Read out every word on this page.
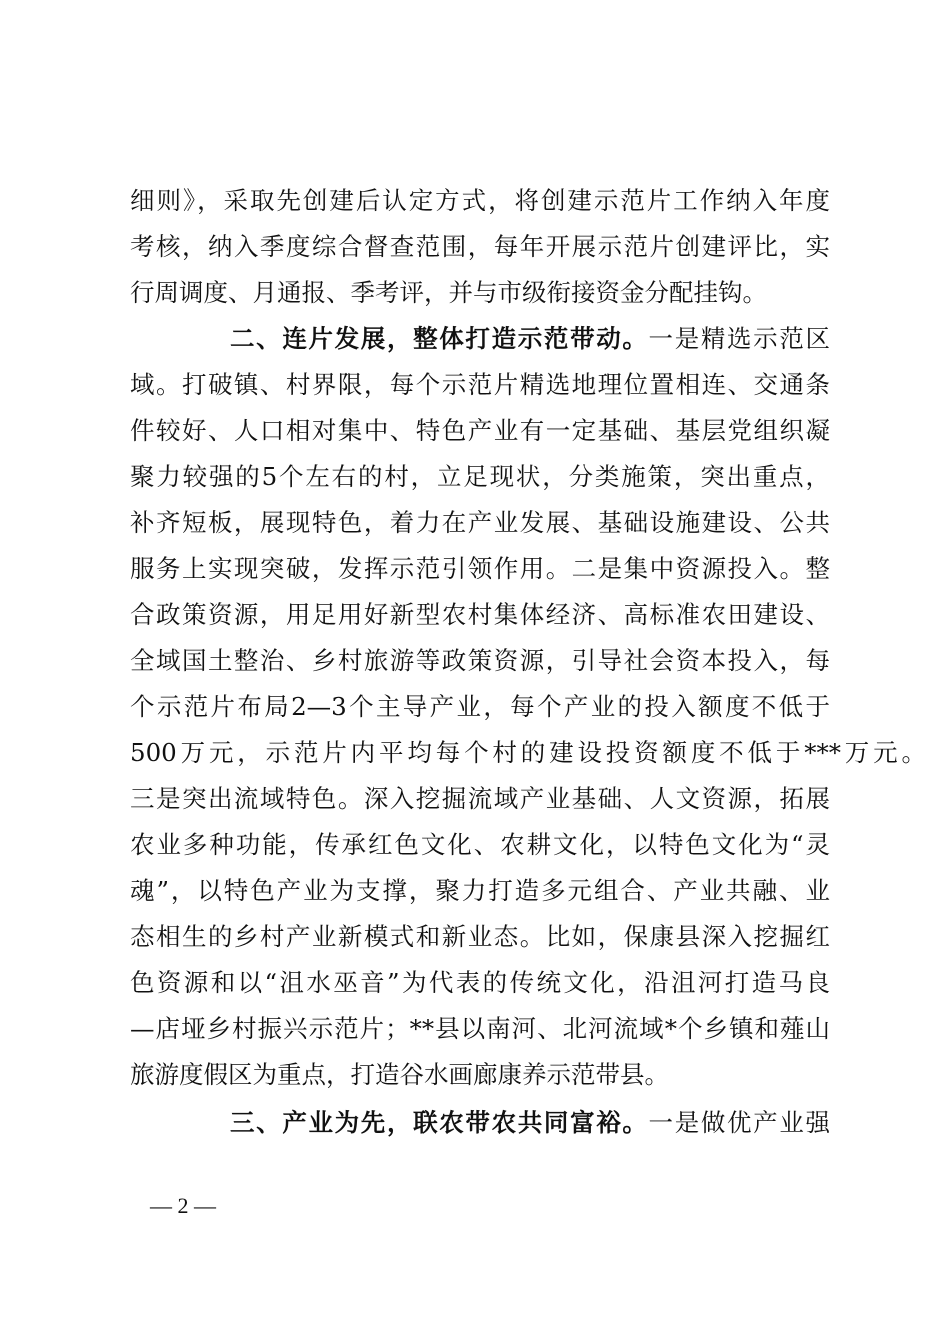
细则》，采取先创建后认定方式，将创建示范片工作纳入年度
考核，纳入季度综合督查范围，每年开展示范片创建评比，实
行周调度、月通报、季考评，并与市级衔接资金分配挂钩。
二、连片发展，整体打造示范带动。一是精选示范区
域。打破镇、村界限，每个示范片精选地理位置相连、交通条
件较好、人口相对集中、特色产业有一定基础、基层党组织凝
聚力较强的5个左右的村，立足现状，分类施策，突出重点，
补齐短板，展现特色，着力在产业发展、基础设施建设、公共
服务上实现突破，发挥示范引领作用。二是集中资源投入。整
合政策资源，用足用好新型农村集体经济、高标准农田建设、
全域国土整治、乡村旅游等政策资源，引导社会资本投入，每
个示范片布局2—3个主导产业，每个产业的投入额度不低于
500万元，示范片内平均每个村的建设投资额度不低于***万元。
三是突出流域特色。深入挖掘流域产业基础、人文资源，拓展
农业多种功能，传承红色文化、农耕文化，以特色文化为“灵
魂”，以特色产业为支撑，聚力打造多元组合、产业共融、业
态相生的乡村产业新模式和新业态。比如，保康县深入挖掘红
色资源和以“沮水巫音”为代表的传统文化，沿沮河打造马良
—店垭乡村振兴示范片；**县以南河、北河流域*个乡镇和薤山
旅游度假区为重点，打造谷水画廊康养示范带县。
三、产业为先，联农带农共同富裕。一是做优产业强
— 2 —
